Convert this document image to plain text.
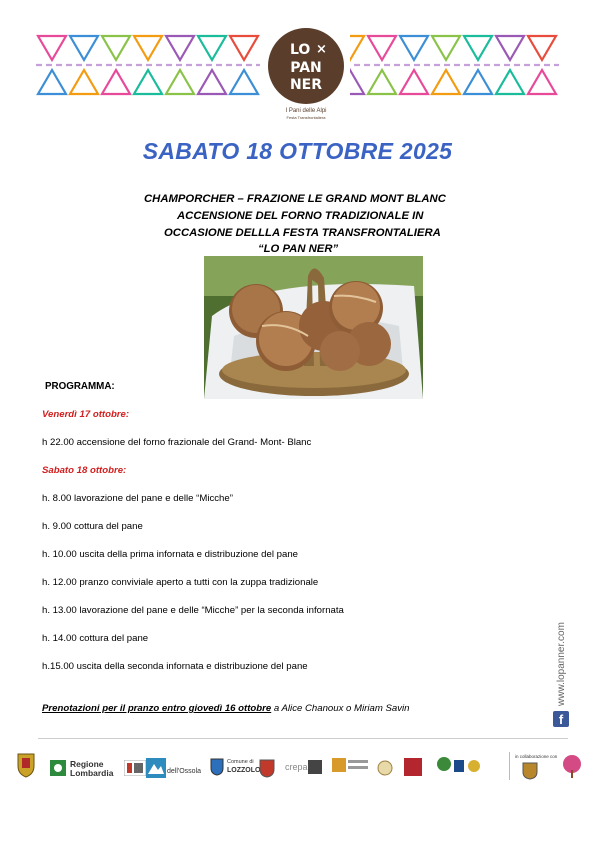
LO ×
PAN
NER
I Pani delle Alpi
Festa Transfrontaliera
SABATO 18 OTTOBRE 2025
CHAMPORCHER – FRAZIONE LE GRAND MONT BLANC
ACCENSIONE DEL FORNO TRADIZIONALE IN
OCCASIONE DELLLA FESTA TRANSFRONTALIERA
“LO PAN NER”
PROGRAMMA:
Venerdì 17 ottobre:
h 22.00 accensione del forno frazionale del Grand- Mont- Blanc
Sabato 18 ottobre:
h. 8.00 lavorazione del pane e delle “Micche”
h. 9.00 cottura del pane
h. 10.00 uscita della prima infornata e distribuzione del pane
h. 12.00 pranzo conviviale aperto a tutti con la zuppa tradizionale
h. 13.00 lavorazione del pane e delle “Micche” per la seconda infornata
h. 14.00 cottura del pane
h.15.00 uscita della seconda infornata e distribuzione del pane
Prenotazioni per il pranzo entro giovedì 16 ottobre a Alice Chanoux o Miriam Savin
www.lopanner.com
f
Regione Lombardia	dell'Ossola
Comune di
LOZZOLO	crepa
in collaborazione con
